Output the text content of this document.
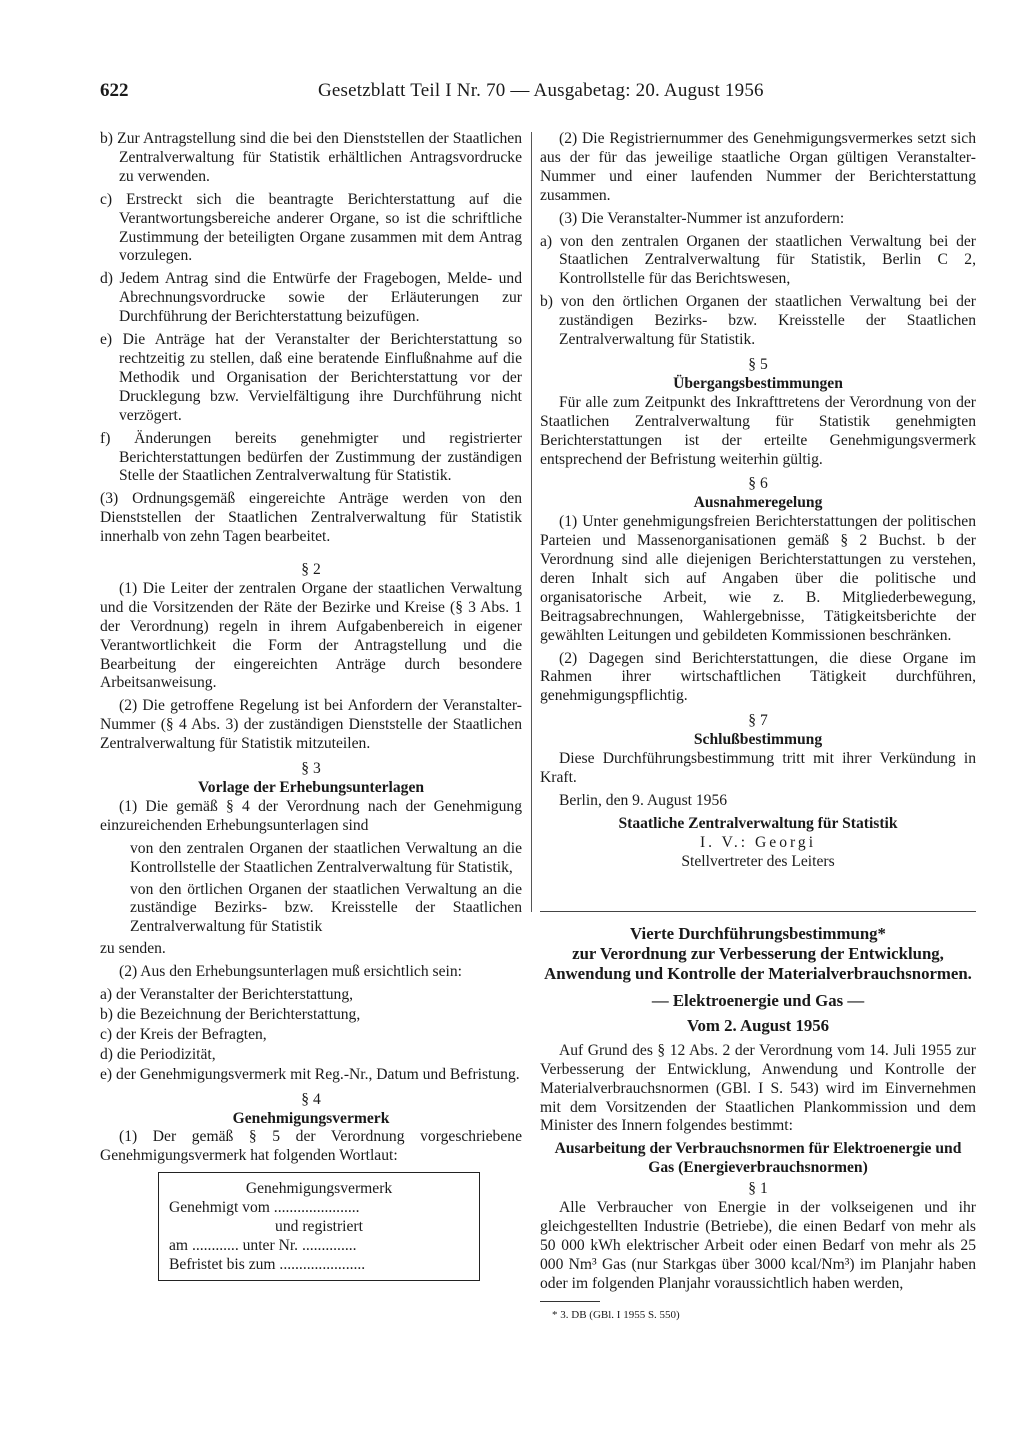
622	Gesetzblatt Teil I Nr. 70 — Ausgabetag: 20. August 1956
b) Zur Antragstellung sind die bei den Dienststellen der Staatlichen Zentralverwaltung für Statistik erhältlichen Antragsvordrucke zu verwenden.
c) Erstreckt sich die beantragte Berichterstattung auf die Verantwortungsbereiche anderer Organe, so ist die schriftliche Zustimmung der beteiligten Organe zusammen mit dem Antrag vorzulegen.
d) Jedem Antrag sind die Entwürfe der Fragebogen, Melde- und Abrechnungsvordrucke sowie der Erläuterungen zur Durchführung der Berichterstattung beizufügen.
e) Die Anträge hat der Veranstalter der Berichterstattung so rechtzeitig zu stellen, daß eine beratende Einflußnahme auf die Methodik und Organisation der Berichterstattung vor der Drucklegung bzw. Vervielfältigung ihre Durchführung nicht verzögert.
f) Änderungen bereits genehmigter und registrierter Berichterstattungen bedürfen der Zustimmung der zuständigen Stelle der Staatlichen Zentralverwaltung für Statistik.

(3) Ordnungsgemäß eingereichte Anträge werden von den Dienststellen der Staatlichen Zentralverwaltung für Statistik innerhalb von zehn Tagen bearbeitet.

§ 2

(1) Die Leiter der zentralen Organe der staatlichen Verwaltung und die Vorsitzenden der Räte der Bezirke und Kreise (§ 3 Abs. 1 der Verordnung) regeln in ihrem Aufgabenbereich in eigener Verantwortlichkeit die Form der Antragstellung und die Bearbeitung der eingereichten Anträge durch besondere Arbeitsanweisung.

(2) Die getroffene Regelung ist bei Anfordern der Veranstalter-Nummer (§ 4 Abs. 3) der zuständigen Dienststelle der Staatlichen Zentralverwaltung für Statistik mitzuteilen.

§ 3

Vorlage der Erhebungsunterlagen

(1) Die gemäß § 4 der Verordnung nach der Genehmigung einzureichenden Erhebungsunterlagen sind

von den zentralen Organen der staatlichen Verwaltung an die Kontrollstelle der Staatlichen Zentralverwaltung für Statistik,

von den örtlichen Organen der staatlichen Verwaltung an die zuständige Bezirks- bzw. Kreisstelle der Staatlichen Zentralverwaltung für Statistik

zu senden.

(2) Aus den Erhebungsunterlagen muß ersichtlich sein:

a) der Veranstalter der Berichterstattung,
b) die Bezeichnung der Berichterstattung,
c) der Kreis der Befragten,
d) die Periodizität,
e) der Genehmigungsvermerk mit Reg.-Nr., Datum und Befristung.

§ 4

Genehmigungsvermerk

(1) Der gemäß § 5 der Verordnung vorgeschriebene Genehmigungsvermerk hat folgenden Wortlaut:

Genehmigungsvermerk
Genehmigt vom ......................
und registriert
am ............ unter Nr. ..............
Befristet bis zum ......................

(2) Die Registriernummer des Genehmigungsvermerkes setzt sich aus der für das jeweilige staatliche Organ gültigen Veranstalter-Nummer und einer laufenden Nummer der Berichterstattung zusammen.

(3) Die Veranstalter-Nummer ist anzufordern:

a) von den zentralen Organen der staatlichen Verwaltung bei der Staatlichen Zentralverwaltung für Statistik, Berlin C 2, Kontrollstelle für das Berichtswesen,
b) von den örtlichen Organen der staatlichen Verwaltung bei der zuständigen Bezirks- bzw. Kreisstelle der Staatlichen Zentralverwaltung für Statistik.

§ 5

Übergangsbestimmungen

Für alle zum Zeitpunkt des Inkrafttretens der Verordnung von der Staatlichen Zentralverwaltung für Statistik genehmigten Berichterstattungen ist der erteilte Genehmigungsvermerk entsprechend der Befristung weiterhin gültig.

§ 6

Ausnahmeregelung

(1) Unter genehmigungsfreien Berichterstattungen der politischen Parteien und Massenorganisationen gemäß § 2 Buchst. b der Verordnung sind alle diejenigen Berichterstattungen zu verstehen, deren Inhalt sich auf Angaben über die politische und organisatorische Arbeit, wie z. B. Mitgliederbewegung, Beitragsabrechnungen, Wahlergebnisse, Tätigkeitsberichte der gewählten Leitungen und gebildeten Kommissionen beschränken.

(2) Dagegen sind Berichterstattungen, die diese Organe im Rahmen ihrer wirtschaftlichen Tätigkeit durchführen, genehmigungspflichtig.

§ 7

Schlußbestimmung

Diese Durchführungsbestimmung tritt mit ihrer Verkündung in Kraft.

Berlin, den 9. August 1956

Staatliche Zentralverwaltung für Statistik

I. V.: Georgi

Stellvertreter des Leiters

Vierte Durchführungsbestimmung*

zur Verordnung zur Verbesserung der Entwicklung, Anwendung und Kontrolle der Materialverbrauchsnormen.

— Elektroenergie und Gas —

Vom 2. August 1956

Auf Grund des § 12 Abs. 2 der Verordnung vom 14. Juli 1955 zur Verbesserung der Entwicklung, Anwendung und Kontrolle der Materialverbrauchsnormen (GBl. I S. 543) wird im Einvernehmen mit dem Vorsitzenden der Staatlichen Plankommission und dem Minister des Innern folgendes bestimmt:

Ausarbeitung der Verbrauchsnormen für Elektroenergie und Gas (Energieverbrauchsnormen)

§ 1

Alle Verbraucher von Energie in der volkseigenen und ihr gleichgestellten Industrie (Betriebe), die einen Bedarf von mehr als 50 000 kWh elektrischer Arbeit oder einen Bedarf von mehr als 25 000 Nm³ Gas (nur Starkgas über 3000 kcal/Nm³) im Planjahr haben oder im folgenden Planjahr voraussichtlich haben werden,

* 3. DB (GBl. I 1955 S. 550)
